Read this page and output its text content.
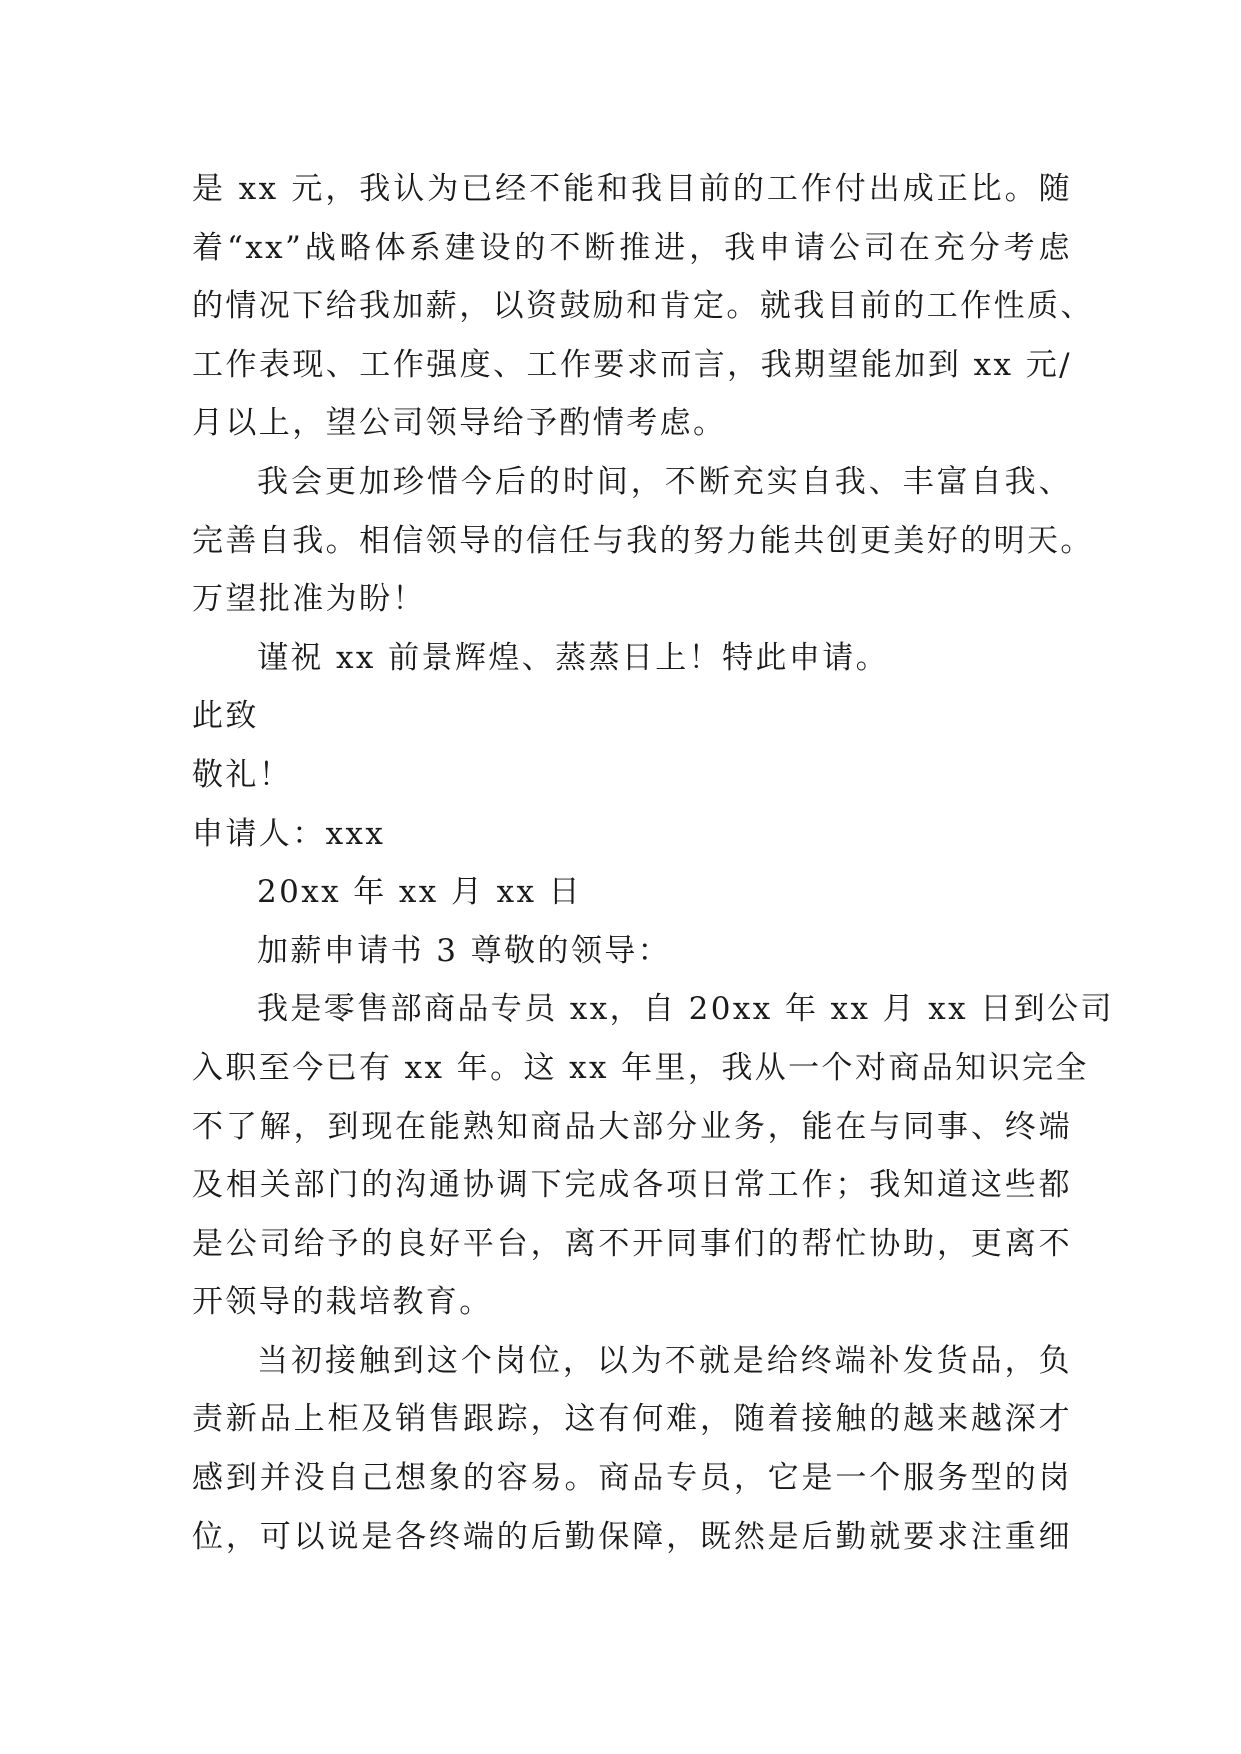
是 xx 元，我认为已经不能和我目前的工作付出成正比。随
着“xx”战略体系建设的不断推进，我申请公司在充分考虑
的情况下给我加薪，以资鼓励和肯定。就我目前的工作性质、
工作表现、工作强度、工作要求而言，我期望能加到 xx 元/
月以上，望公司领导给予酌情考虑。
我会更加珍惜今后的时间，不断充实自我、丰富自我、
完善自我。相信领导的信任与我的努力能共创更美好的明天。
万望批准为盼！
谨祝 xx 前景辉煌、蒸蒸日上！特此申请。
此致
敬礼！
申请人：xxx
20xx 年 xx 月 xx 日
加薪申请书 3 尊敬的领导：
我是零售部商品专员 xx，自 20xx 年 xx 月 xx 日到公司
入职至今已有 xx 年。这 xx 年里，我从一个对商品知识完全
不了解，到现在能熟知商品大部分业务，能在与同事、终端
及相关部门的沟通协调下完成各项日常工作；我知道这些都
是公司给予的良好平台，离不开同事们的帮忙协助，更离不
开领导的栽培教育。
当初接触到这个岗位，以为不就是给终端补发货品，负
责新品上柜及销售跟踪，这有何难，随着接触的越来越深才
感到并没自己想象的容易。商品专员，它是一个服务型的岗
位，可以说是各终端的后勤保障，既然是后勤就要求注重细
